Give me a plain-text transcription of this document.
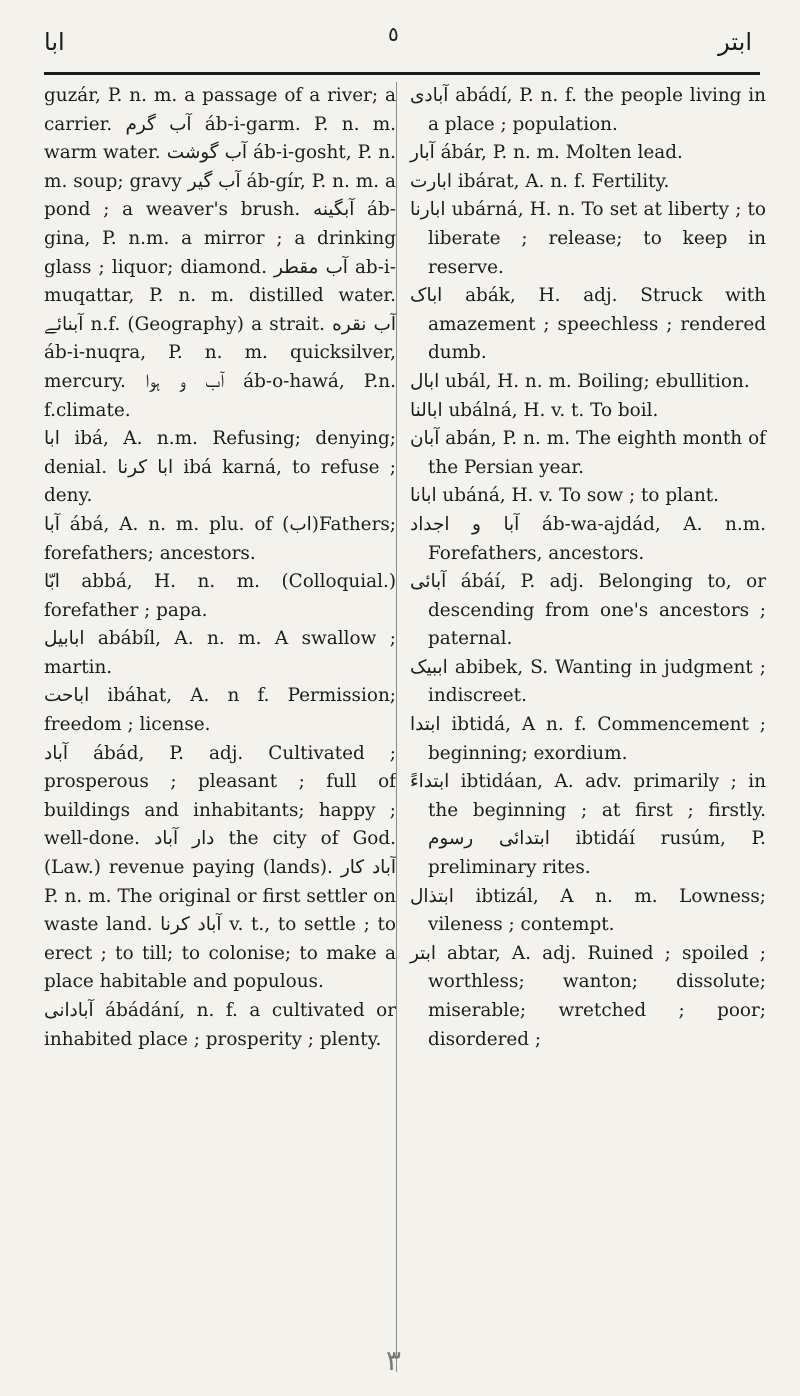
ﺍﺑﺎ	٥	ﺍﺑﺘﺮ

guzár, P. n. m. a passage of a river; a carrier. ﺁﺏ ﮔﺮﻡ áb-i-garm. P. n. m. warm water. ﺁﺏ ﮔﻮﺷﺖ áb-i-gosht, P. n. m. soup; gravy ﺁﺏ ﮔﻴﺮ áb-gír, P. n. m. a pond ; a weaver's brush. ﺁﺑﮕﻴﻨﻪ áb-gina, P. n.m. a mirror ; a drinking glass ; liquor; diamond. ﺁﺏ ﻣﻘﻄﺮ ab-i-muqattar, P. n. m. distilled water. ﺁﺑﻨﺎﺋﮯ n.f. (Geography) a strait. ﺁﺏ ﻧﻘﺮﻩ áb-i-nuqra, P. n. m. quicksilver, mercury. ﺁﺏ ﻭ ﮨﻮﺍ áb-o-hawá, P.n. f.climate.

ﺍﺑﺎ ibá, A. n.m. Refusing; denying; denial. ﺍﺑﺎ ﮐﺮﻧﺎ ibá karná, to refuse ; deny.

ﺁﺑﺎ ábá, A. n. m. plu. of (ﺍﺏ)Fathers; forefathers; ancestors.

ﺍﺑّﺎ abbá, H. n. m. (Colloquial.) forefather ; papa.

ﺍﺑﺎﺑﻴﻞ abábíl, A. n. m. A swallow ; martin.

ﺍﺑﺎﺣﺖ ibáhat, A. n f. Permission; freedom ; license.

ﺁﺑﺎﺩ ábád, P. adj. Cultivated ; prosperous ; pleasant ; full of buildings and inhabitants; happy ; well-done. ﺩﺍﺭ ﺁﺑﺎﺩ the city of God. (Law.) revenue paying (lands). ﺁﺑﺎﺩ ﮐﺎﺭ P. n. m. The original or first settler on waste land. ﺁﺑﺎﺩ ﮐﺮﻧﺎ v. t., to settle ; to erect ; to till; to colonise; to make a place habitable and populous.

ﺁﺑﺎﺩﺍﻧﯽ ábádání, n. f. a cultivated or inhabited place ; prosperity ; plenty.

ﺁﺑﺎﺩﯼ abádí, P. n. f. the people living in a place ; population.

ﺁﺑﺎﺭ ábár, P. n. m. Molten lead.

ﺍﺑﺎﺭﺕ ibárat, A. n. f. Fertility.

ﺍﺑﺎﺭﻧﺎ ubárná, H. n. To set at liberty ; to liberate ; release; to keep in reserve.

ﺍﺑﺎﮎ abák, H. adj. Struck with amazement ; speechless ; rendered dumb.

ﺍﺑﺎﻝ ubál, H. n. m. Boiling; ebullition.

ﺍﺑﺎﻟﻨﺎ ubálná, H. v. t. To boil.

ﺁﺑﺎﻥ abán, P. n. m. The eighth month of the Persian year.

ﺍﺑﺎﻧﺎ ubáná, H. v. To sow ; to plant.

ﺁﺑﺎ ﻭ ﺍﺟﺪﺍﺩ áb-wa-ajdád, A. n.m. Forefathers, ancestors.

ﺁﺑﺎﺋﯽ ábáí, P. adj. Belonging to, or descending from one's ancestors ; paternal.

ﺍﺑﺒﻴﮏ abibek, S. Wanting in judgment ; indiscreet.

ﺍﺑﺘﺪﺍ ibtidá, A n. f. Commencement ; beginning; exordium.

ﺍﺑﺘﺪﺍﺀً ibtidáan, A. adv. primarily ; in the beginning ; at first ; firstly. ﺍﺑﺘﺪﺍﺋﯽ ﺭﺳﻮﻡ ibtidáí rusúm, P. preliminary rites.

ﺍﺑﺘﺬﺍﻝ ibtizál, A n. m. Lowness; vileness ; contempt.

ﺍﺑﺘﺮ abtar, A. adj. Ruined ; spoiled ; worthless; wanton; dissolute; miserable; wretched ; poor; disordered ;

٣
